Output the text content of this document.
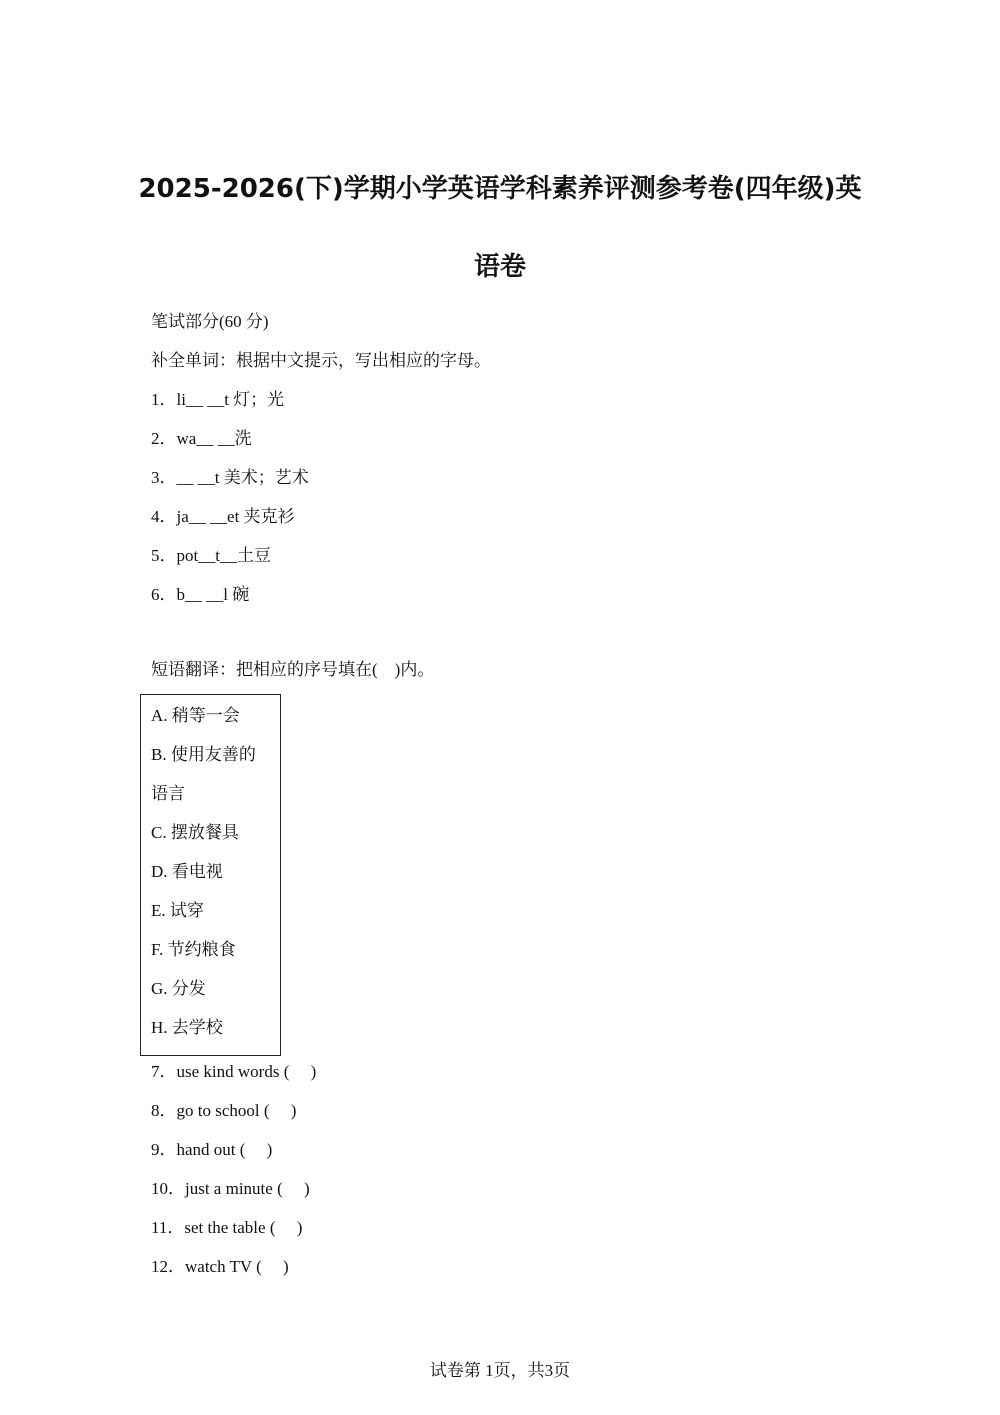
2025-2026(下)学期小学英语学科素养评测参考卷(四年级)英
语卷
笔试部分(60 分)
补全单词：根据中文提示，写出相应的字母。
1．li__ __t 灯；光
2．wa__ __洗
3．__ __t 美术；艺术
4．ja__ __et 夹克衫
5．pot__t__土豆
6．b__ __l 碗
短语翻译：把相应的序号填在(    )内。
A. 稍等一会
B. 使用友善的
语言
C. 摆放餐具
D. 看电视
E. 试穿
F. 节约粮食
G. 分发
H. 去学校
7．use kind words (     )
8．go to school (     )
9．hand out (     )
10．just a minute (     )
11．set the table (     )
12．watch TV (     )
试卷第 1页，共3页
